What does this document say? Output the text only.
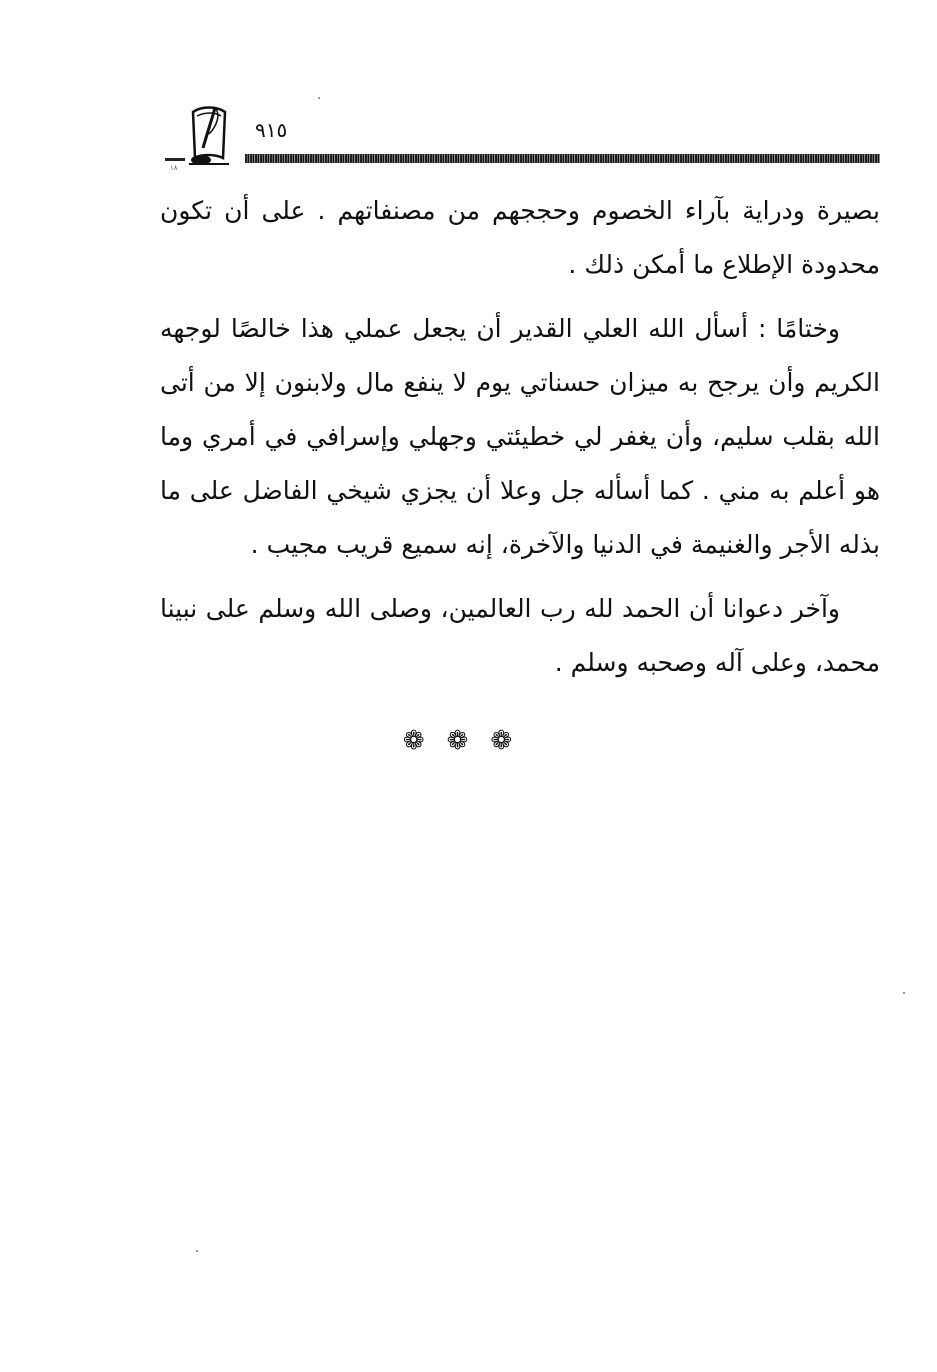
٩١٥
١٨

بصيرة ودراية بآراء الخصوم وحججهم من مصنفاتهم . على أن تكون محدودة الإطلاع ما أمكن ذلك .

وختامًا : أسأل الله العلي القدير أن يجعل عملي هذا خالصًا لوجهه الكريم وأن يرجح به ميزان حسناتي يوم لا ينفع مال ولابنون إلا من أتى الله بقلب سليم، وأن يغفر لي خطيئتي وجهلي وإسرافي في أمري وما هو أعلم به مني . كما أسأله جل وعلا أن يجزي شيخي الفاضل على ما بذله الأجر والغنيمة في الدنيا والآخرة، إنه سميع قريب مجيب .

وآخر دعوانا أن الحمد لله رب العالمين، وصلى الله وسلم على نبينا محمد، وعلى آله وصحبه وسلم .

❁❁❁
